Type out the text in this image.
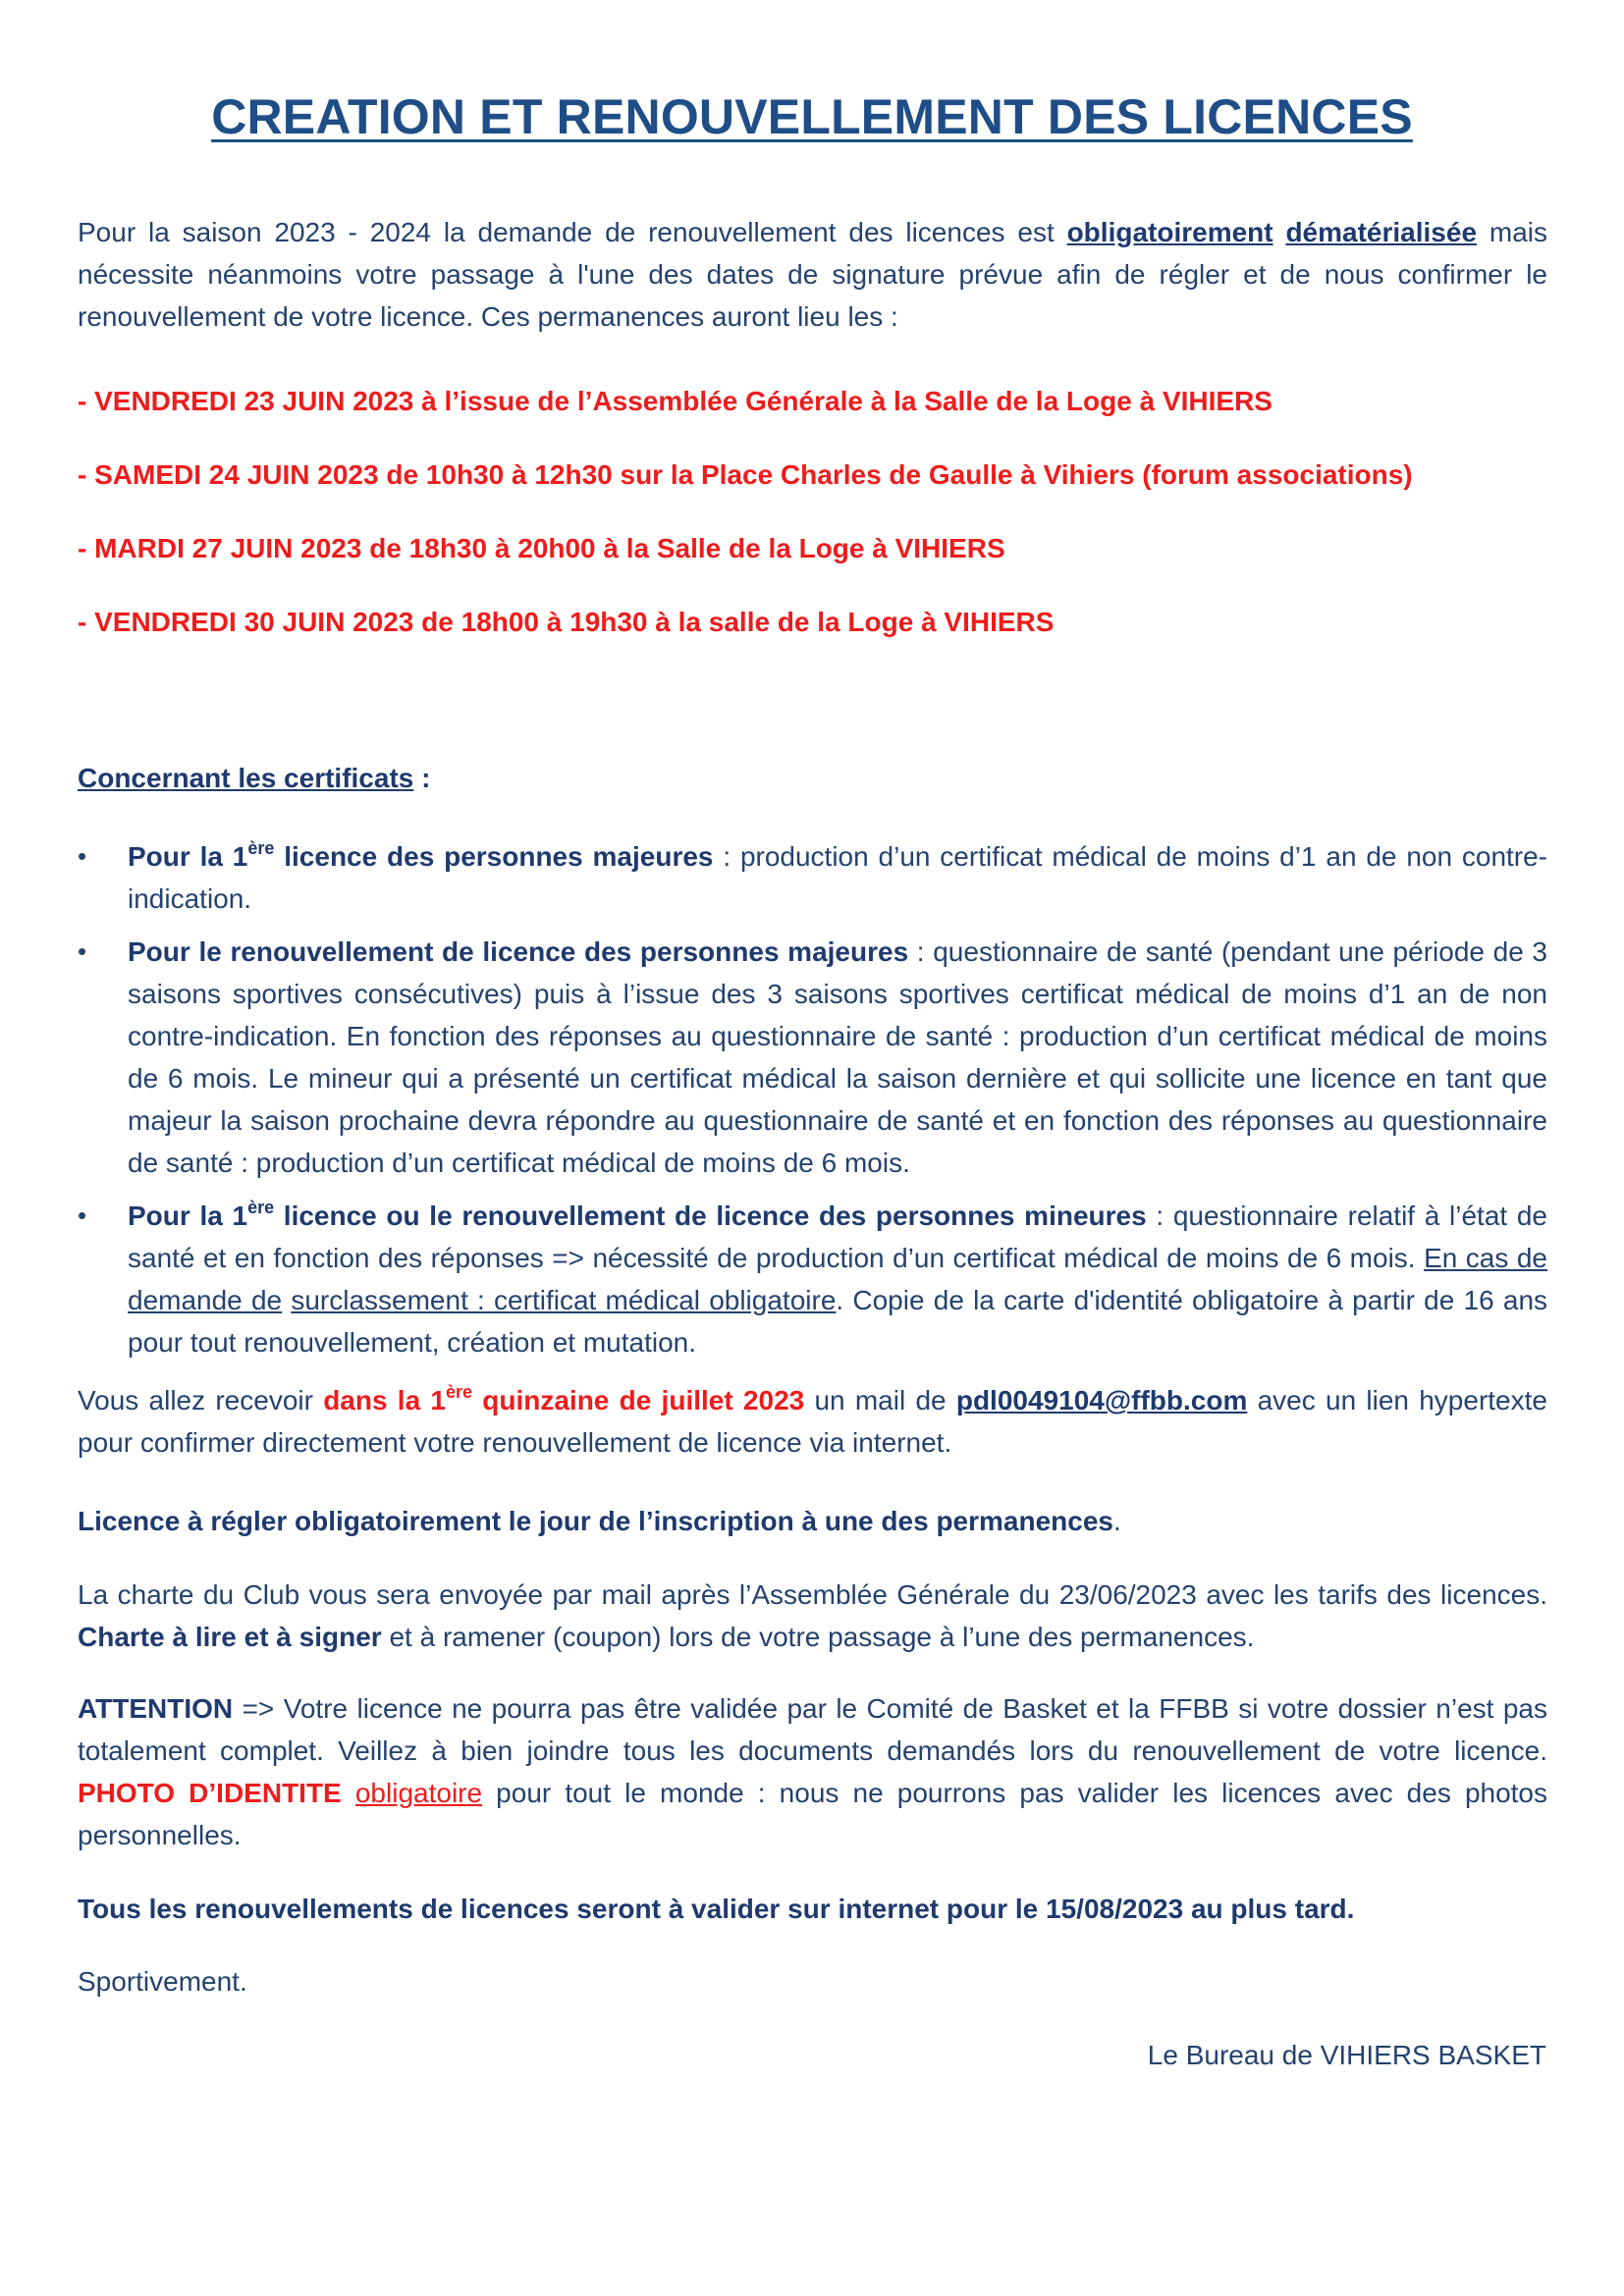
CREATION ET RENOUVELLEMENT DES LICENCES
Pour la saison 2023 - 2024 la demande de renouvellement des licences est obligatoirement dématérialisée mais nécessite néanmoins votre passage à l'une des dates de signature prévue afin de régler et de nous confirmer le renouvellement de votre licence. Ces permanences auront lieu les :
- VENDREDI 23 JUIN 2023 à l’issue de l’Assemblée Générale à la Salle de la Loge à VIHIERS
- SAMEDI 24 JUIN 2023 de 10h30 à 12h30 sur la Place Charles de Gaulle à Vihiers (forum associations)
- MARDI 27 JUIN 2023 de 18h30 à 20h00 à la Salle de la Loge à VIHIERS
- VENDREDI 30 JUIN 2023 de 18h00 à 19h30 à la salle de la Loge à VIHIERS
Concernant les certificats :
•	Pour la 1ère licence des personnes majeures : production d’un certificat médical de moins d’1 an de non contre-indication.
•	Pour le renouvellement de licence des personnes majeures : questionnaire de santé (pendant une période de 3 saisons sportives consécutives) puis à l’issue des 3 saisons sportives certificat médical de moins d’1 an de non contre-indication. En fonction des réponses au questionnaire de santé : production d’un certificat médical de moins de 6 mois. Le mineur qui a présenté un certificat médical la saison dernière et qui sollicite une licence en tant que majeur la saison prochaine devra répondre au questionnaire de santé et en fonction des réponses au questionnaire de santé : production d’un certificat médical de moins de 6 mois.
•	Pour la 1ère licence ou le renouvellement de licence des personnes mineures : questionnaire relatif à l’état de santé et en fonction des réponses => nécessité de production d’un certificat médical de moins de 6 mois. En cas de demande de surclassement : certificat médical obligatoire. Copie de la carte d'identité obligatoire à partir de 16 ans pour tout renouvellement, création et mutation.
Vous allez recevoir dans la 1ère quinzaine de juillet 2023 un mail de pdl0049104@ffbb.com avec un lien hypertexte pour confirmer directement votre renouvellement de licence via internet.
Licence à régler obligatoirement le jour de l’inscription à une des permanences.
La charte du Club vous sera envoyée par mail après l’Assemblée Générale du 23/06/2023 avec les tarifs des licences. Charte à lire et à signer et à ramener (coupon) lors de votre passage à l’une des permanences.
ATTENTION => Votre licence ne pourra pas être validée par le Comité de Basket et la FFBB si votre dossier n’est pas totalement complet. Veillez à bien joindre tous les documents demandés lors du renouvellement de votre licence. PHOTO D’IDENTITE obligatoire pour tout le monde : nous ne pourrons pas valider les licences avec des photos personnelles.
Tous les renouvellements de licences seront à valider sur internet pour le 15/08/2023 au plus tard.
Sportivement.
Le Bureau de VIHIERS BASKET
